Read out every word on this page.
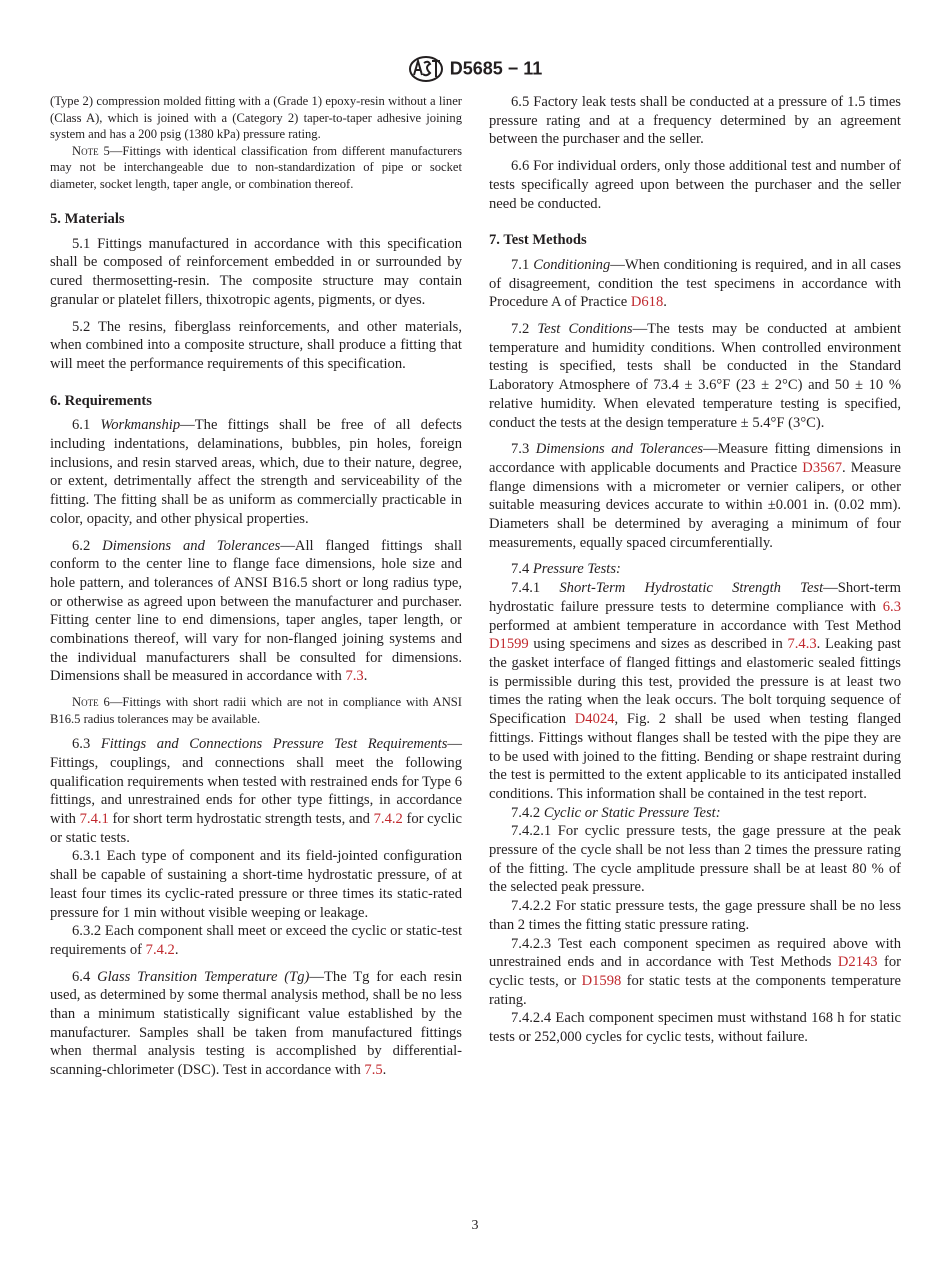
D5685 − 11

(Type 2) compression molded fitting with a (Grade 1) epoxy-resin without a liner (Class A), which is joined with a (Category 2) taper-to-taper adhesive joining system and has a 200 psig (1380 kPa) pressure rating.

Note 5—Fittings with identical classification from different manufacturers may not be interchangeable due to non-standardization of pipe or socket diameter, socket length, taper angle, or combination thereof.

5. Materials

5.1 Fittings manufactured in accordance with this specification shall be composed of reinforcement embedded in or surrounded by cured thermosetting-resin. The composite structure may contain granular or platelet fillers, thixotropic agents, pigments, or dyes.

5.2 The resins, fiberglass reinforcements, and other materials, when combined into a composite structure, shall produce a fitting that will meet the performance requirements of this specification.

6. Requirements

6.1 Workmanship—The fittings shall be free of all defects including indentations, delaminations, bubbles, pin holes, foreign inclusions, and resin starved areas, which, due to their nature, degree, or extent, detrimentally affect the strength and serviceability of the fitting. The fitting shall be as uniform as commercially practicable in color, opacity, and other physical properties.

6.2 Dimensions and Tolerances—All flanged fittings shall conform to the center line to flange face dimensions, hole size and hole pattern, and tolerances of ANSI B16.5 short or long radius type, or otherwise as agreed upon between the manufacturer and purchaser. Fitting center line to end dimensions, taper angles, taper length, or combinations thereof, will vary for non-flanged joining systems and the individual manufacturers shall be consulted for dimensions. Dimensions shall be measured in accordance with 7.3.

Note 6—Fittings with short radii which are not in compliance with ANSI B16.5 radius tolerances may be available.

6.3 Fittings and Connections Pressure Test Requirements—Fittings, couplings, and connections shall meet the following qualification requirements when tested with restrained ends for Type 6 fittings, and unrestrained ends for other type fittings, in accordance with 7.4.1 for short term hydrostatic strength tests, and 7.4.2 for cyclic or static tests.

6.3.1 Each type of component and its field-jointed configuration shall be capable of sustaining a short-time hydrostatic pressure, of at least four times its cyclic-rated pressure or three times its static-rated pressure for 1 min without visible weeping or leakage.

6.3.2 Each component shall meet or exceed the cyclic or static-test requirements of 7.4.2.

6.4 Glass Transition Temperature (Tg)—The Tg for each resin used, as determined by some thermal analysis method, shall be no less than a minimum statistically significant value established by the manufacturer. Samples shall be taken from manufactured fittings when thermal analysis testing is accomplished by differential-scanning-chlorimeter (DSC). Test in accordance with 7.5.

6.5 Factory leak tests shall be conducted at a pressure of 1.5 times pressure rating and at a frequency determined by an agreement between the purchaser and the seller.

6.6 For individual orders, only those additional test and number of tests specifically agreed upon between the purchaser and the seller need be conducted.

7. Test Methods

7.1 Conditioning—When conditioning is required, and in all cases of disagreement, condition the test specimens in accordance with Procedure A of Practice D618.

7.2 Test Conditions—The tests may be conducted at ambient temperature and humidity conditions. When controlled environment testing is specified, tests shall be conducted in the Standard Laboratory Atmosphere of 73.4 ± 3.6°F (23 ± 2°C) and 50 ± 10 % relative humidity. When elevated temperature testing is specified, conduct the tests at the design temperature ± 5.4°F (3°C).

7.3 Dimensions and Tolerances—Measure fitting dimensions in accordance with applicable documents and Practice D3567. Measure flange dimensions with a micrometer or vernier calipers, or other suitable measuring devices accurate to within ±0.001 in. (0.02 mm). Diameters shall be determined by averaging a minimum of four measurements, equally spaced circumferentially.

7.4 Pressure Tests:

7.4.1 Short-Term Hydrostatic Strength Test—Short-term hydrostatic failure pressure tests to determine compliance with 6.3 performed at ambient temperature in accordance with Test Method D1599 using specimens and sizes as described in 7.4.3. Leaking past the gasket interface of flanged fittings and elastomeric sealed fittings is permissible during this test, provided the pressure is at least two times the rating when the leak occurs. The bolt torquing sequence of Specification D4024, Fig. 2 shall be used when testing flanged fittings. Fittings without flanges shall be tested with the pipe they are to be used with joined to the fitting. Bending or shape restraint during the test is permitted to the extent applicable to its anticipated installed conditions. This information shall be contained in the test report.

7.4.2 Cyclic or Static Pressure Test:

7.4.2.1 For cyclic pressure tests, the gage pressure at the peak pressure of the cycle shall be not less than 2 times the pressure rating of the fitting. The cycle amplitude pressure shall be at least 80 % of the selected peak pressure.

7.4.2.2 For static pressure tests, the gage pressure shall be no less than 2 times the fitting static pressure rating.

7.4.2.3 Test each component specimen as required above with unrestrained ends and in accordance with Test Methods D2143 for cyclic tests, or D1598 for static tests at the components temperature rating.

7.4.2.4 Each component specimen must withstand 168 h for static tests or 252,000 cycles for cyclic tests, without failure.

3
